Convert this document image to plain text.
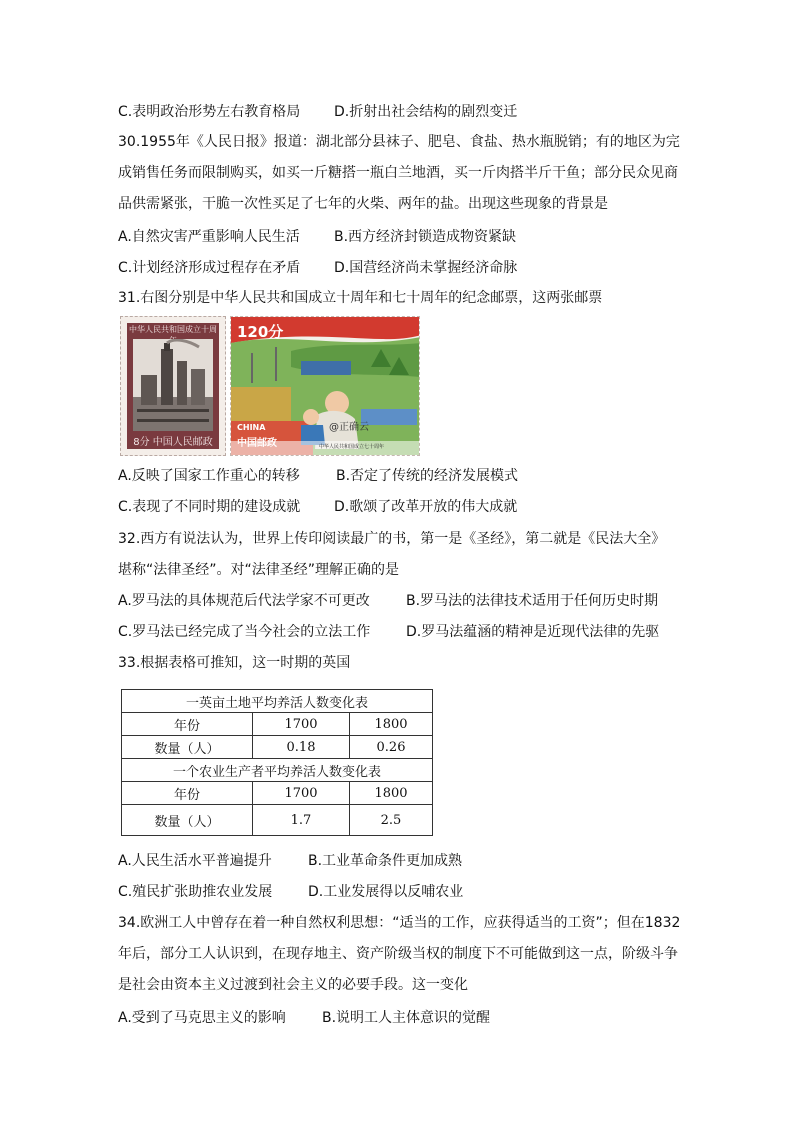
C.表明政治形势左右教育格局 D.折射出社会结构的剧烈变迁
30.1955年《人民日报》报道：湖北部分县袜子、肥皂、食盐、热水瓶脱销；有的地区为完
成销售任务而限制购买，如买一斤糖搭一瓶白兰地酒，买一斤肉搭半斤干鱼；部分民众见商
品供需紧张，干脆一次性买足了七年的火柴、两年的盐。出现这些现象的背景是
A.自然灾害严重影响人民生活 B.西方经济封锁造成物资紧缺
C.计划经济形成过程存在矛盾 D.国营经济尚未掌握经济命脉
31.右图分别是中华人民共和国成立十周年和七十周年的纪念邮票，这两张邮票
中华人民共和国成立十周
8分 中国人民邮政
120分
CHINA
中国邮政
@正确云
中华人民共和国成立七十周年
A.反映了国家工作重心的转移	B.否定了传统的经济发展模式
C.表现了不同时期的建设成就 D.歌颂了改革开放的伟大成就
32.西方有说法认为，世界上传印阅读最广的书，第一是《圣经》，第二就是《民法大全》
堪称“法律圣经”。对“法律圣经”理解正确的是
A.罗马法的具体规范后代法学家不可更改	B.罗马法的法律技术适用于任何历史时期
C.罗马法已经完成了当今社会的立法工作	D.罗马法蕴涵的精神是近现代法律的先驱
33.根据表格可推知，这一时期的英国
一英亩土地平均养活人数变化表		
年份	1700	1800
数量（人）	0.18	0.26
一个农业生产者平均养活人数变化表		
年份	1700	1800
数量（人）	1.7	2.5
A.人民生活水平普遍提升	B.工业革命条件更加成熟
C.殖民扩张助推农业发展	D.工业发展得以反哺农业
34.欧洲工人中曾存在着一种自然权利思想：“适当的工作，应获得适当的工资”；但在1832
年后，部分工人认识到，在现存地主、资产阶级当权的制度下不可能做到这一点，阶级斗争
是社会由资本主义过渡到社会主义的必要手段。这一变化
A.受到了马克思主义的影响	B.说明工人主体意识的觉醒
